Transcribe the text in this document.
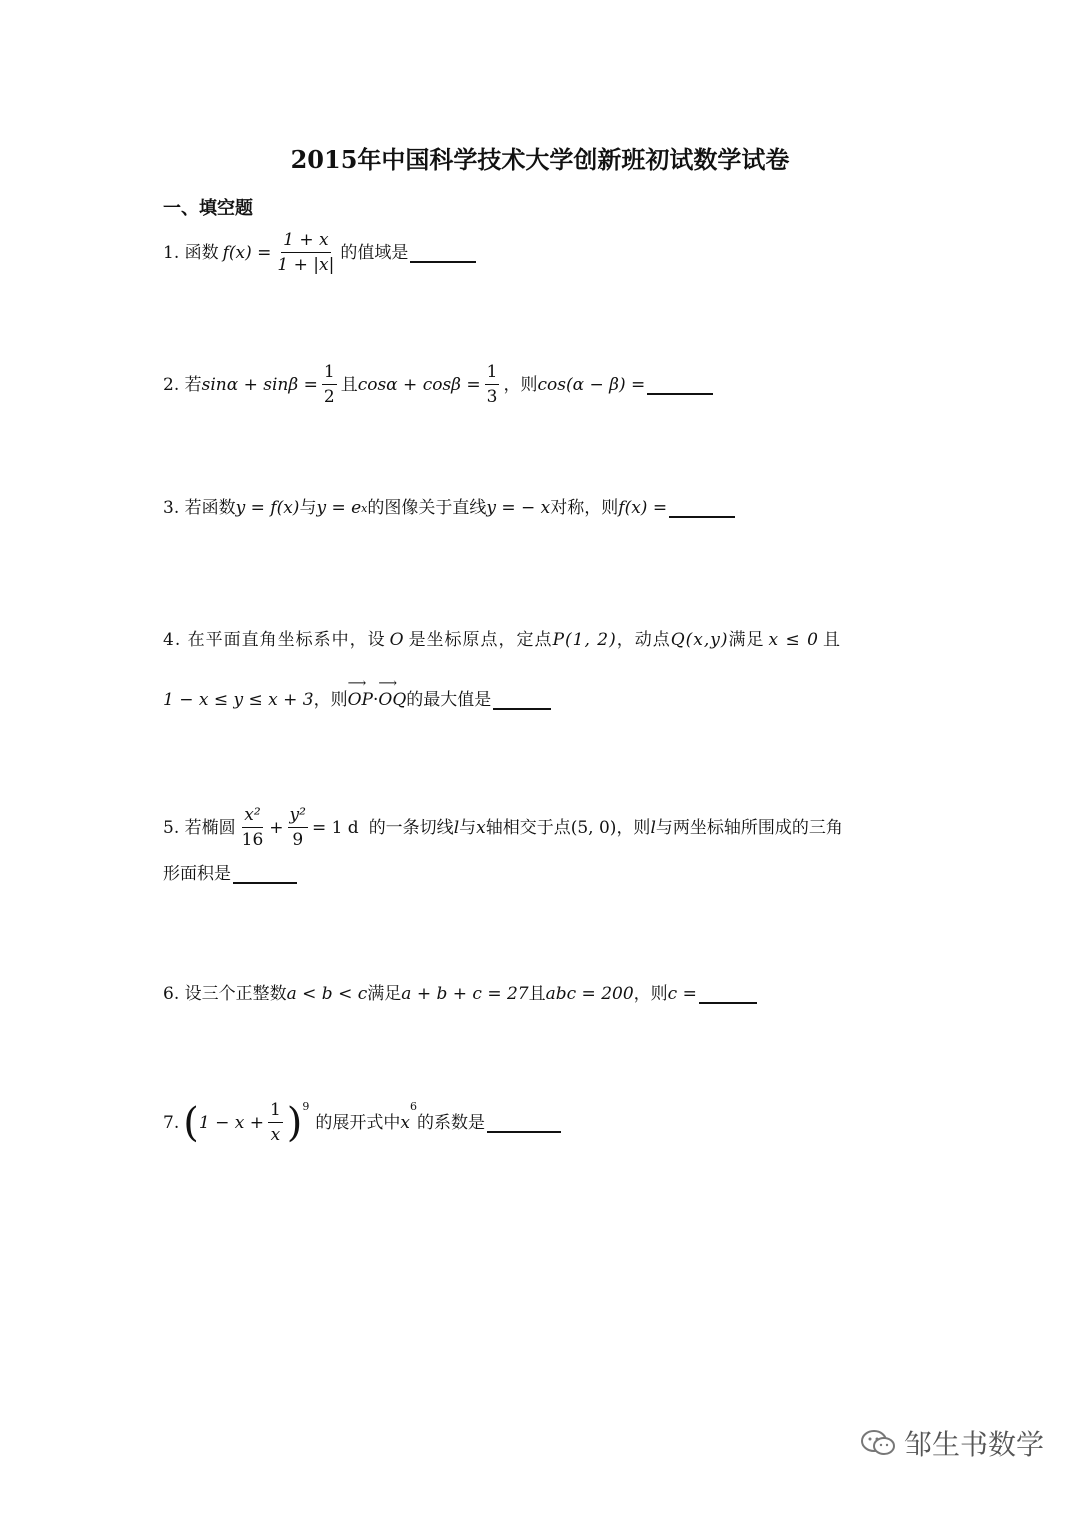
2015年中国科学技术大学创新班初试数学试卷
一、填空题
1. 函数 $f(x) = \frac{1 + x}{1 + |x|}$ 的值域是
2. 若 $\sin\alpha + \sin\beta = \frac{1}{2}$ 且 $\cos\alpha + \cos\beta = \frac{1}{3}$ ，则 cos(α − β) =
3. 若函数 y = f(x) 与 y = e x 的图像关于直线 y = − x 对称，则 f(x) =
4. 在平面直角坐标系中，设 O 是坐标原点，定点 P(1, 2) ，动点 Q(x,y) 满足 x ≤ 0 且
1 − x ≤ y ≤ x + 3 ，则 ⟶ OP · ⟶ OQ 的最大值是
5. 若椭圆 $\frac{\text{x²}}{16} + \frac{\text{y²}}{9} = 1$ d 的一条切线 l 与 x 轴相交于点 (5, 0) ，则 l 与两坐标轴所围成的三角
形面积是
6. 设三个正整数 a < b < c 满足 a + b + c = 27 且 abc = 200 ，则 c =
7. ( $1 - x + \frac{1}{x} )^9$
的展开式中 x
$^6$
的系数是
邹生书数学
